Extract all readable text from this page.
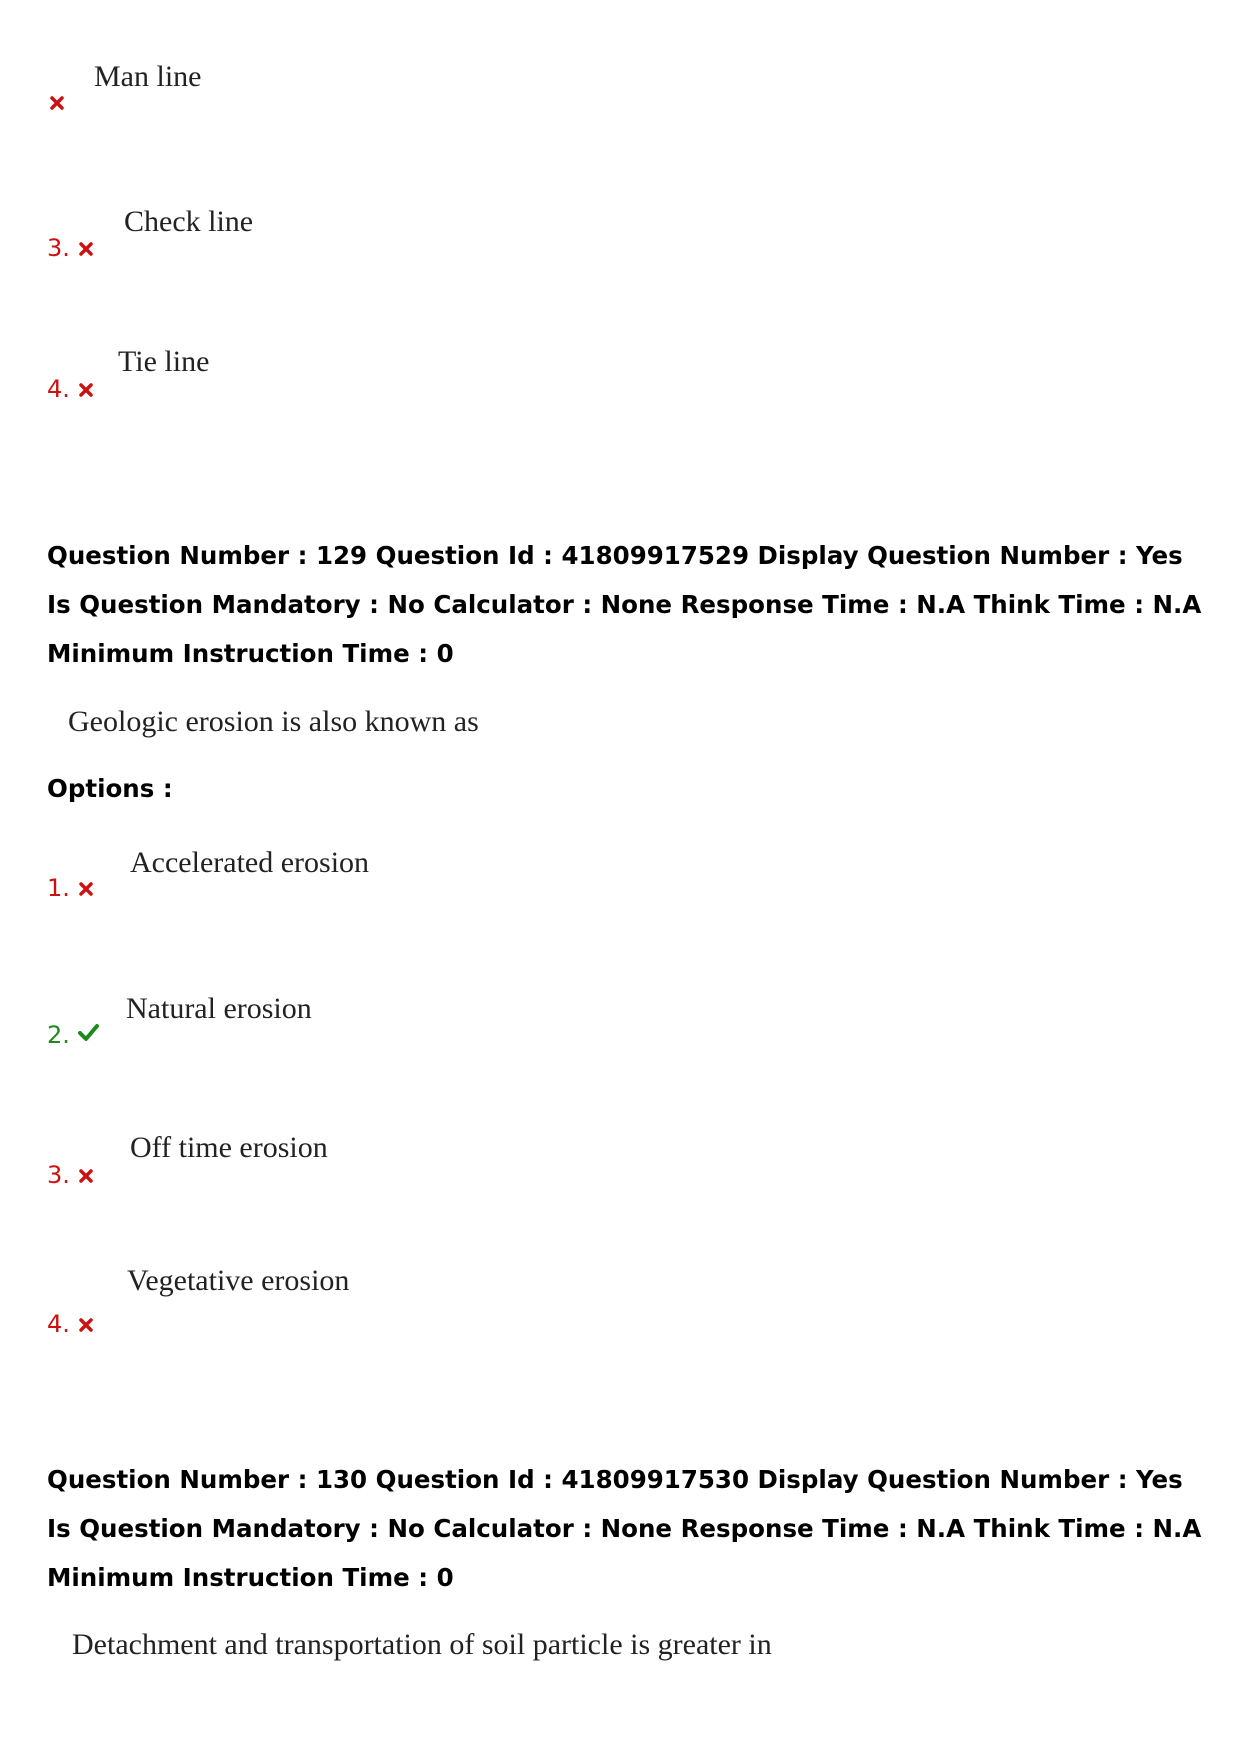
Man line
3.
Check line
4.
Tie line

Question Number : 129 Question Id : 41809917529 Display Question Number : Yes Is Question Mandatory : No Calculator : None Response Time : N.A Think Time : N.A Minimum Instruction Time : 0

Geologic erosion is also known as
Options :
1.
Accelerated erosion
2.
Natural erosion
3.
Off time erosion
4.
Vegetative erosion

Question Number : 130 Question Id : 41809917530 Display Question Number : Yes Is Question Mandatory : No Calculator : None Response Time : N.A Think Time : N.A Minimum Instruction Time : 0

Detachment and transportation of soil particle is greater in
